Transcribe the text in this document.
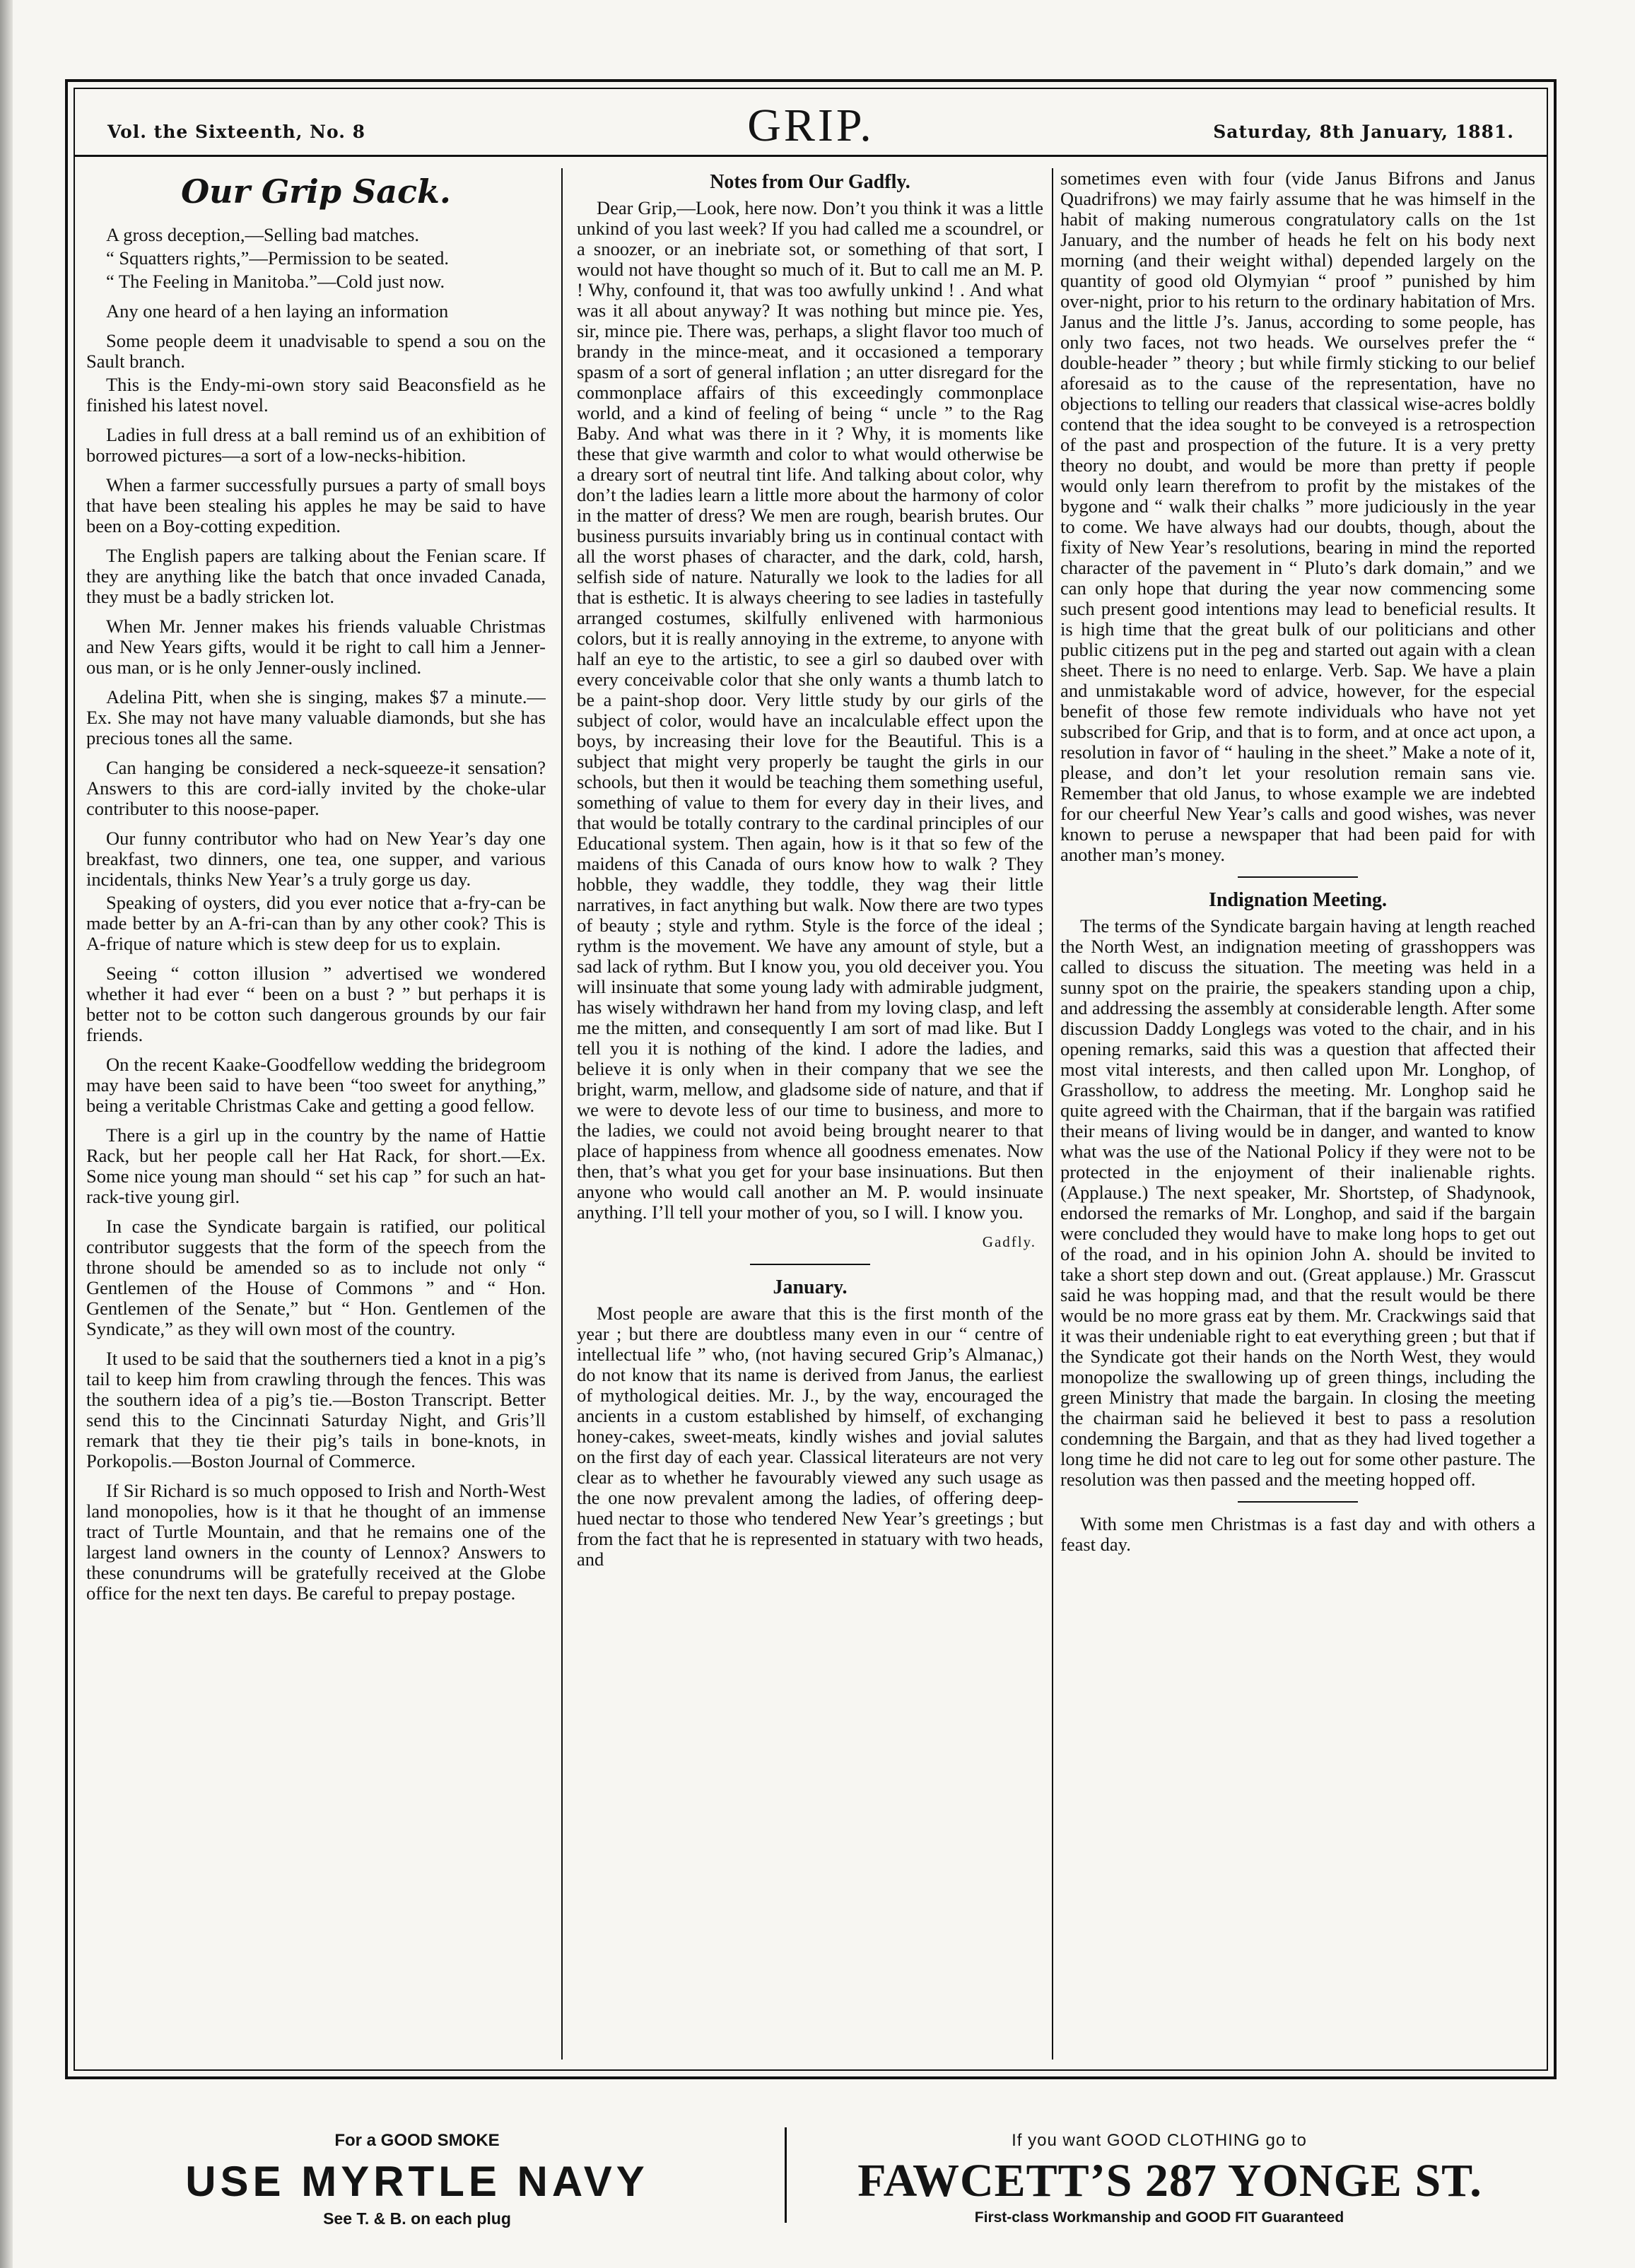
Vol. the Sixteenth, No. 8	GRIP.	Saturday, 8th January, 1881.
Our Grip Sack.

A gross deception,—Selling bad matches.

“ Squatters rights,”—Permission to be seated.

“ The Feeling in Manitoba.”—Cold just now.

Any one heard of a hen laying an information

Some people deem it unadvisable to spend a sou on the Sault branch.

This is the Endy-mi-own story said Beaconsfield as he finished his latest novel.

Ladies in full dress at a ball remind us of an exhibition of borrowed pictures—a sort of a low-necks-hibition.

When a farmer successfully pursues a party of small boys that have been stealing his apples he may be said to have been on a Boy-cotting expedition.

The English papers are talking about the Fenian scare. If they are anything like the batch that once invaded Canada, they must be a badly stricken lot.

When Mr. Jenner makes his friends valuable Christmas and New Years gifts, would it be right to call him a Jenner-ous man, or is he only Jenner-ously inclined.

Adelina Pitt, when she is singing, makes $7 a minute.—Ex. She may not have many valuable diamonds, but she has precious tones all the same.

Can hanging be considered a neck-squeeze-it sensation? Answers to this are cord-ially invited by the choke-ular contributer to this noose-paper.

Our funny contributor who had on New Year’s day one breakfast, two dinners, one tea, one supper, and various incidentals, thinks New Year’s a truly gorge us day.

Speaking of oysters, did you ever notice that a-fry-can be made better by an A-fri-can than by any other cook? This is A-frique of nature which is stew deep for us to explain.

Seeing “ cotton illusion ” advertised we wondered whether it had ever “ been on a bust ? ” but perhaps it is better not to be cotton such dangerous grounds by our fair friends.

On the recent Kaake-Goodfellow wedding the bridegroom may have been said to have been “too sweet for anything,” being a veritable Christmas Cake and getting a good fellow.

There is a girl up in the country by the name of Hattie Rack, but her people call her Hat Rack, for short.—Ex. Some nice young man should “ set his cap ” for such an hat-rack-tive young girl.

In case the Syndicate bargain is ratified, our political contributor suggests that the form of the speech from the throne should be amended so as to include not only “ Gentlemen of the House of Commons ” and “ Hon. Gentlemen of the Senate,” but “ Hon. Gentlemen of the Syndicate,” as they will own most of the country.

It used to be said that the southerners tied a knot in a pig’s tail to keep him from crawling through the fences. This was the southern idea of a pig’s tie.—Boston Transcript. Better send this to the Cincinnati Saturday Night, and Gris’ll remark that they tie their pig’s tails in bone-knots, in Porkopolis.—Boston Journal of Commerce.

If Sir Richard is so much opposed to Irish and North-West land monopolies, how is it that he thought of an immense tract of Turtle Mountain, and that he remains one of the largest land owners in the county of Lennox? Answers to these conundrums will be gratefully received at the Globe office for the next ten days. Be careful to prepay postage.

Notes from Our Gadfly.

Dear Grip,—Look, here now. Don’t you think it was a little unkind of you last week? If you had called me a scoundrel, or a snoozer, or an inebriate sot, or something of that sort, I would not have thought so much of it. But to call me an M. P. ! Why, confound it, that was too awfully unkind ! . And what was it all about anyway? It was nothing but mince pie. Yes, sir, mince pie. There was, perhaps, a slight flavor too much of brandy in the mince-meat, and it occasioned a temporary spasm of a sort of general inflation ; an utter disregard for the commonplace affairs of this exceedingly commonplace world, and a kind of feeling of being “ uncle ” to the Rag Baby. And what was there in it ? Why, it is moments like these that give warmth and color to what would otherwise be a dreary sort of neutral tint life. And talking about color, why don’t the ladies learn a little more about the harmony of color in the matter of dress? We men are rough, bearish brutes. Our business pursuits invariably bring us in continual contact with all the worst phases of character, and the dark, cold, harsh, selfish side of nature. Naturally we look to the ladies for all that is esthetic. It is always cheering to see ladies in tastefully arranged costumes, skilfully enlivened with harmonious colors, but it is really annoying in the extreme, to anyone with half an eye to the artistic, to see a girl so daubed over with every conceivable color that she only wants a thumb latch to be a paint-shop door. Very little study by our girls of the subject of color, would have an incalculable effect upon the boys, by increasing their love for the Beautiful. This is a subject that might very properly be taught the girls in our schools, but then it would be teaching them something useful, something of value to them for every day in their lives, and that would be totally contrary to the cardinal principles of our Educational system. Then again, how is it that so few of the maidens of this Canada of ours know how to walk ? They hobble, they waddle, they toddle, they wag their little narratives, in fact anything but walk. Now there are two types of beauty ; style and rythm. Style is the force of the ideal ; rythm is the movement. We have any amount of style, but a sad lack of rythm. But I know you, you old deceiver you. You will insinuate that some young lady with admirable judgment, has wisely withdrawn her hand from my loving clasp, and left me the mitten, and consequently I am sort of mad like. But I tell you it is nothing of the kind. I adore the ladies, and believe it is only when in their company that we see the bright, warm, mellow, and gladsome side of nature, and that if we were to devote less of our time to business, and more to the ladies, we could not avoid being brought nearer to that place of happiness from whence all goodness emenates. Now then, that’s what you get for your base insinuations. But then anyone who would call another an M. P. would insinuate anything. I’ll tell your mother of you, so I will. I know you.

Gadfly.

January.

Most people are aware that this is the first month of the year ; but there are doubtless many even in our “ centre of intellectual life ” who, (not having secured Grip’s Almanac,) do not know that its name is derived from Janus, the earliest of mythological deities. Mr. J., by the way, encouraged the ancients in a custom established by himself, of exchanging honey-cakes, sweet-meats, kindly wishes and jovial salutes on the first day of each year. Classical literateurs are not very clear as to whether he favourably viewed any such usage as the one now prevalent among the ladies, of offering deep-hued nectar to those who tendered New Year’s greetings ; but from the fact that he is represented in statuary with two heads, and

sometimes even with four (vide Janus Bifrons and Janus Quadrifrons) we may fairly assume that he was himself in the habit of making numerous congratulatory calls on the 1st January, and the number of heads he felt on his body next morning (and their weight withal) depended largely on the quantity of good old Olymyian “ proof ” punished by him over-night, prior to his return to the ordinary habitation of Mrs. Janus and the little J’s. Janus, according to some people, has only two faces, not two heads. We ourselves prefer the “ double-header ” theory ; but while firmly sticking to our belief aforesaid as to the cause of the representation, have no objections to telling our readers that classical wise-acres boldly contend that the idea sought to be conveyed is a retrospection of the past and prospection of the future. It is a very pretty theory no doubt, and would be more than pretty if people would only learn therefrom to profit by the mistakes of the bygone and “ walk their chalks ” more judiciously in the year to come. We have always had our doubts, though, about the fixity of New Year’s resolutions, bearing in mind the reported character of the pavement in “ Pluto’s dark domain,” and we can only hope that during the year now commencing some such present good intentions may lead to beneficial results. It is high time that the great bulk of our politicians and other public citizens put in the peg and started out again with a clean sheet. There is no need to enlarge. Verb. Sap. We have a plain and unmistakable word of advice, however, for the especial benefit of those few remote individuals who have not yet subscribed for Grip, and that is to form, and at once act upon, a resolution in favor of “ hauling in the sheet.” Make a note of it, please, and don’t let your resolution remain sans vie. Remember that old Janus, to whose example we are indebted for our cheerful New Year’s calls and good wishes, was never known to peruse a newspaper that had been paid for with another man’s money.

Indignation Meeting.

The terms of the Syndicate bargain having at length reached the North West, an indignation meeting of grasshoppers was called to discuss the situation. The meeting was held in a sunny spot on the prairie, the speakers standing upon a chip, and addressing the assembly at considerable length. After some discussion Daddy Longlegs was voted to the chair, and in his opening remarks, said this was a question that affected their most vital interests, and then called upon Mr. Longhop, of Grasshollow, to address the meeting. Mr. Longhop said he quite agreed with the Chairman, that if the bargain was ratified their means of living would be in danger, and wanted to know what was the use of the National Policy if they were not to be protected in the enjoyment of their inalienable rights. (Applause.) The next speaker, Mr. Shortstep, of Shadynook, endorsed the remarks of Mr. Longhop, and said if the bargain were concluded they would have to make long hops to get out of the road, and in his opinion John A. should be invited to take a short step down and out. (Great applause.) Mr. Grasscut said he was hopping mad, and that the result would be there would be no more grass eat by them. Mr. Crackwings said that it was their undeniable right to eat everything green ; but that if the Syndicate got their hands on the North West, they would monopolize the swallowing up of green things, including the green Ministry that made the bargain. In closing the meeting the chairman said he believed it best to pass a resolution condemning the Bargain, and that as they had lived together a long time he did not care to leg out for some other pasture. The resolution was then passed and the meeting hopped off.

With some men Christmas is a fast day and with others a feast day.

For a GOOD SMOKE
USE MYRTLE NAVY
See T. & B. on each plug
If you want GOOD CLOTHING go to
FAWCETT’S 287 YONGE ST.
First-class Workmanship and GOOD FIT Guaranteed
